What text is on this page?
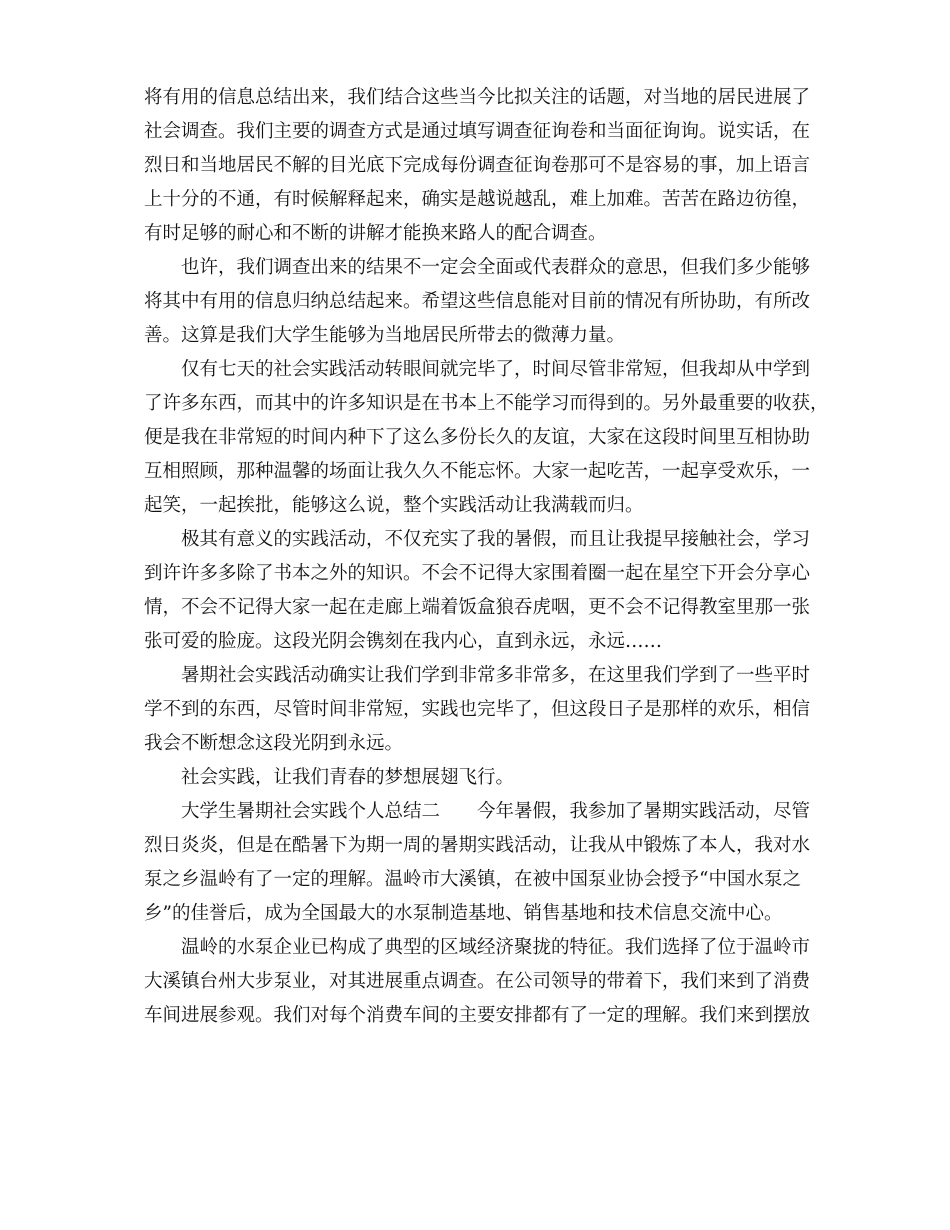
将有用的信息总结出来，我们结合这些当今比拟关注的话题，对当地的居民进展了
社会调查。我们主要的调查方式是通过填写调查征询卷和当面征询询。说实话，在
烈日和当地居民不解的目光底下完成每份调查征询卷那可不是容易的事，加上语言
上十分的不通，有时候解释起来，确实是越说越乱，难上加难。苦苦在路边彷徨，
有时足够的耐心和不断的讲解才能换来路人的配合调查。
也许，我们调查出来的结果不一定会全面或代表群众的意思，但我们多少能够
将其中有用的信息归纳总结起来。希望这些信息能对目前的情况有所协助，有所改
善。这算是我们大学生能够为当地居民所带去的微薄力量。
仅有七天的社会实践活动转眼间就完毕了，时间尽管非常短，但我却从中学到
了许多东西，而其中的许多知识是在书本上不能学习而得到的。另外最重要的收获，
便是我在非常短的时间内种下了这么多份长久的友谊，大家在这段时间里互相协助
互相照顾，那种温馨的场面让我久久不能忘怀。大家一起吃苦，一起享受欢乐，一
起笑，一起挨批，能够这么说，整个实践活动让我满载而归。
极其有意义的实践活动，不仅充实了我的暑假，而且让我提早接触社会，学习
到许许多多除了书本之外的知识。不会不记得大家围着圈一起在星空下开会分享心
情，不会不记得大家一起在走廊上端着饭盒狼吞虎咽，更不会不记得教室里那一张
张可爱的脸庞。这段光阴会镌刻在我内心，直到永远，永远……
暑期社会实践活动确实让我们学到非常多非常多，在这里我们学到了一些平时
学不到的东西，尽管时间非常短，实践也完毕了，但这段日子是那样的欢乐，相信
我会不断想念这段光阴到永远。
社会实践，让我们青春的梦想展翅飞行。
大学生暑期社会实践个人总结二　　今年暑假，我参加了暑期实践活动，尽管
烈日炎炎，但是在酷暑下为期一周的暑期实践活动，让我从中锻炼了本人，我对水
泵之乡温岭有了一定的理解。温岭市大溪镇，在被中国泵业协会授予“中国水泵之
乡”的佳誉后，成为全国最大的水泵制造基地、销售基地和技术信息交流中心。
温岭的水泵企业已构成了典型的区域经济聚拢的特征。我们选择了位于温岭市
大溪镇台州大步泵业，对其进展重点调查。在公司领导的带着下，我们来到了消费
车间进展参观。我们对每个消费车间的主要安排都有了一定的理解。我们来到摆放
